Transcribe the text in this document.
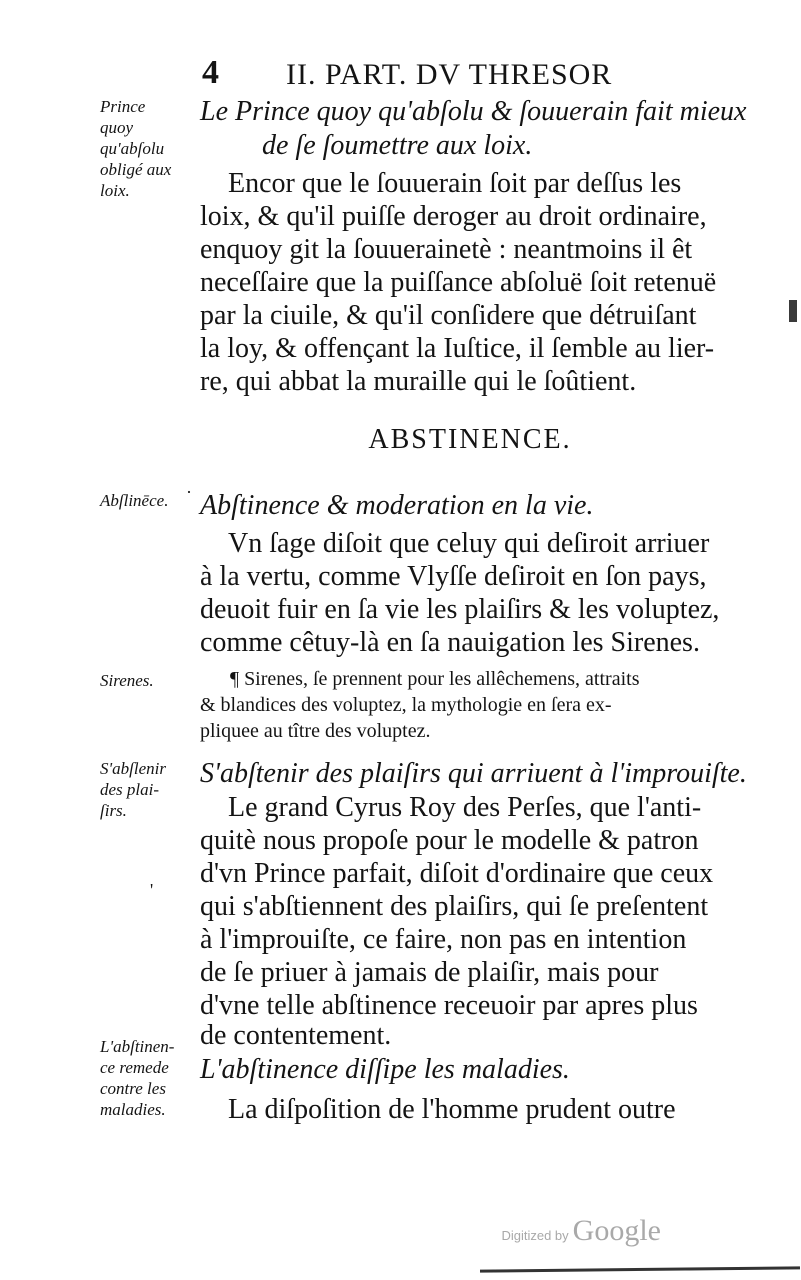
4 II. PART. DV THRESOR
Prince
quoy
qu'abſolu
obligé aux
loix.
Abſlinēce.
Sirenes.
S'abſlenir
des plai-
ſirs.
L'abſtinen-
ce remede
contre les
maladies.
Le Prince quoy qu'abſolu & ſouuerain fait mieux
de ſe ſoumettre aux loix.
Encor que le ſouuerain ſoit par deſſus les
loix, & qu'il puiſſe deroger au droit ordinaire,
enquoy git la ſouuerainetè : neantmoins il êt
neceſſaire que la puiſſance abſoluë ſoit retenuë
par la ciuile, & qu'il conſidere que détruiſant
la loy, & offençant la Iuſtice, il ſemble au lier-
re, qui abbat la muraille qui le ſoûtient.
ABSTINENCE.
Abſtinence & moderation en la vie.
Vn ſage diſoit que celuy qui deſiroit arriuer
à la vertu, comme Vlyſſe deſiroit en ſon pays,
deuoit fuir en ſa vie les plaiſirs & les voluptez,
comme cêtuy-là en ſa nauigation les Sirenes.
¶ Sirenes, ſe prennent pour les allêchemens, attraits
& blandices des voluptez, la mythologie en ſera ex-
pliquee au tître des voluptez.
S'abſtenir des plaiſirs qui arriuent à l'improuiſte.
Le grand Cyrus Roy des Perſes, que l'anti-
quitè nous propoſe pour le modelle & patron
d'vn Prince parfait, diſoit d'ordinaire que ceux
qui s'abſtiennent des plaiſirs, qui ſe preſentent
à l'improuiſte, ce faire, non pas en intention
de ſe priuer à jamais de plaiſir, mais pour
d'vne telle abſtinence receuoir par apres plus
de contentement.
L'abſtinence diſſipe les maladies.
La diſpoſition de l'homme prudent outre
·
'
Digitized by Google
